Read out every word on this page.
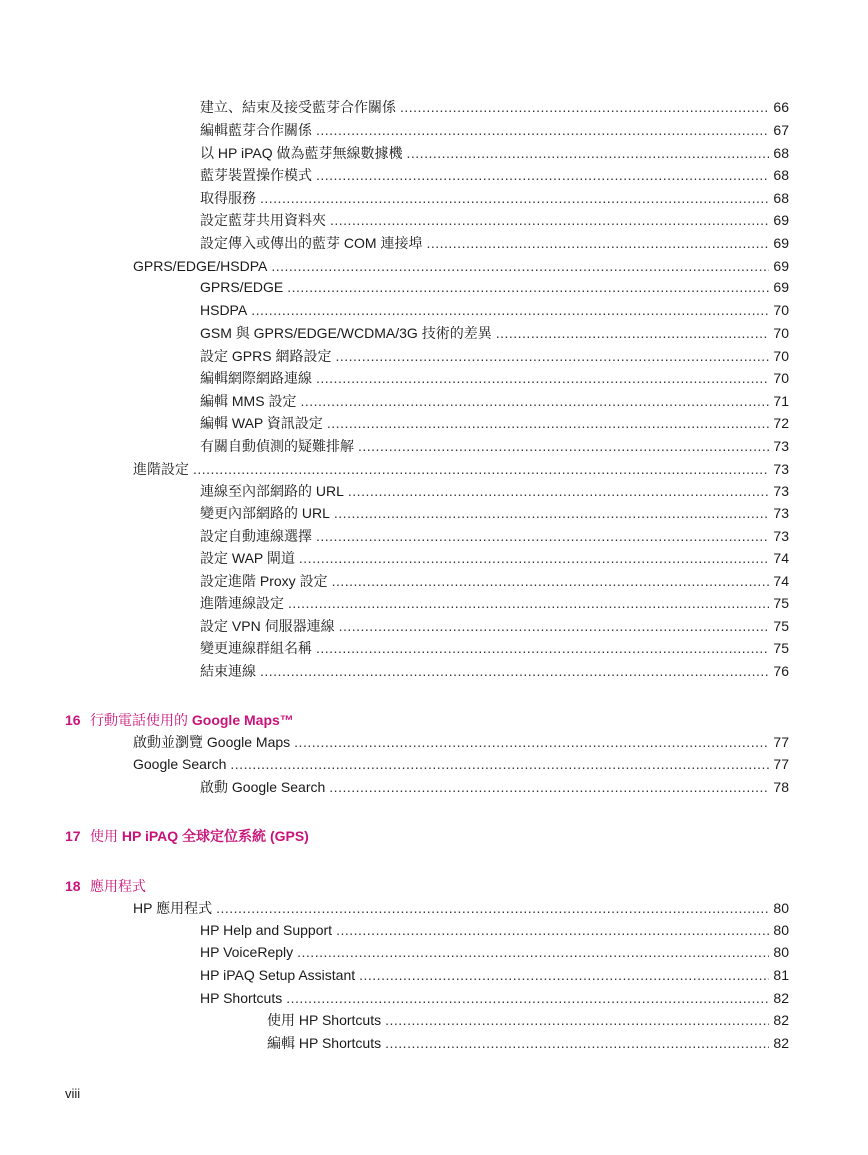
建立、結束及接受藍芽合作關係 .....	66
編輯藍芽合作關係 .....	67
以 HP iPAQ 做為藍芽無線數據機 .....	68
藍芽裝置操作模式 .....	68
取得服務 .....	68
設定藍芽共用資料夾 .....	69
設定傳入或傳出的藍芽 COM 連接埠 .....	69
GPRS/EDGE/HSDPA .....	69
GPRS/EDGE .....	69
HSDPA .....	70
GSM 與 GPRS/EDGE/WCDMA/3G 技術的差異 .....	70
設定 GPRS 網路設定 .....	70
編輯網際網路連線 .....	70
編輯 MMS 設定 .....	71
編輯 WAP 資訊設定 .....	72
有關自動偵測的疑難排解 .....	73
進階設定 .....	73
連線至內部網路的 URL .....	73
變更內部網路的 URL .....	73
設定自動連線選擇 .....	73
設定 WAP 閘道 .....	74
設定進階 Proxy 設定 .....	74
進階連線設定 .....	75
設定 VPN 伺服器連線 .....	75
變更連線群組名稱 .....	75
結束連線 .....	76
16 行動電話使用的 Google Maps™
啟動並瀏覽 Google Maps .....	77
Google Search .....	77
啟動 Google Search .....	78
17 使用 HP iPAQ 全球定位系統 (GPS)
18 應用程式
HP 應用程式 .....	80
HP Help and Support .....	80
HP VoiceReply .....	80
HP iPAQ Setup Assistant .....	81
HP Shortcuts .....	82
使用 HP Shortcuts .....	82
編輯 HP Shortcuts .....	82
viii
